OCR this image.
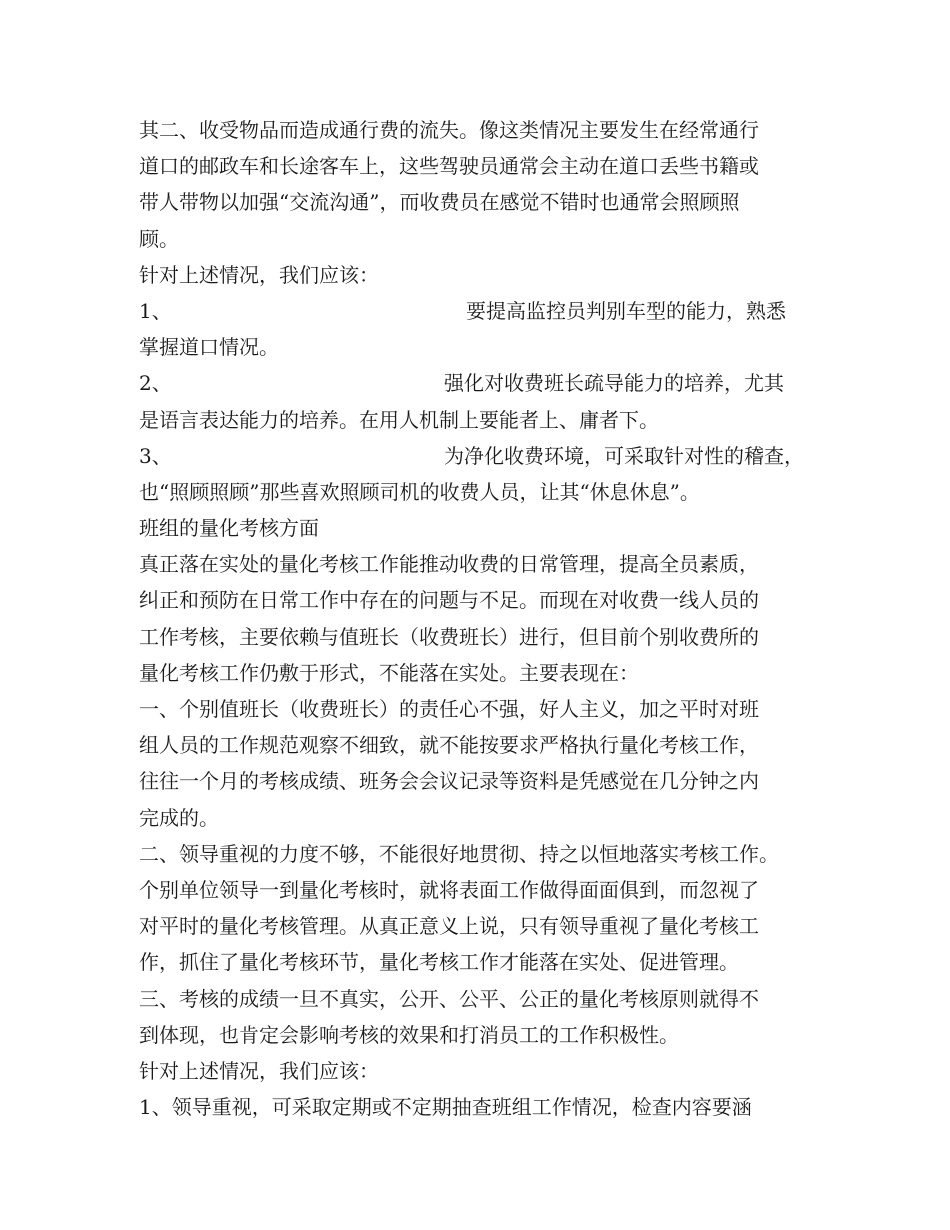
其二、收受物品而造成通行费的流失。像这类情况主要发生在经常通行

道口的邮政车和长途客车上，这些驾驶员通常会主动在道口丢些书籍或

带人带物以加强“交流沟通”，而收费员在感觉不错时也通常会照顾照

顾。

针对上述情况，我们应该：

1、	要提高监控员判别车型的能力，熟悉

掌握道口情况。

2、	强化对收费班长疏导能力的培养，尤其

是语言表达能力的培养。在用人机制上要能者上、庸者下。

3、	为净化收费环境，可采取针对性的稽查，

也“照顾照顾”那些喜欢照顾司机的收费人员，让其“休息休息”。

班组的量化考核方面

真正落在实处的量化考核工作能推动收费的日常管理，提高全员素质，

纠正和预防在日常工作中存在的问题与不足。而现在对收费一线人员的

工作考核，主要依赖与值班长（收费班长）进行，但目前个别收费所的

量化考核工作仍敷于形式，不能落在实处。主要表现在：

一、个别值班长（收费班长）的责任心不强，好人主义，加之平时对班

组人员的工作规范观察不细致，就不能按要求严格执行量化考核工作，

往往一个月的考核成绩、班务会会议记录等资料是凭感觉在几分钟之内

完成的。

二、领导重视的力度不够，不能很好地贯彻、持之以恒地落实考核工作。

个别单位领导一到量化考核时，就将表面工作做得面面俱到，而忽视了

对平时的量化考核管理。从真正意义上说，只有领导重视了量化考核工

作，抓住了量化考核环节，量化考核工作才能落在实处、促进管理。

三、考核的成绩一旦不真实，公开、公平、公正的量化考核原则就得不

到体现，也肯定会影响考核的效果和打消员工的工作积极性。

针对上述情况，我们应该：

1、领导重视，可采取定期或不定期抽查班组工作情况，检查内容要涵
